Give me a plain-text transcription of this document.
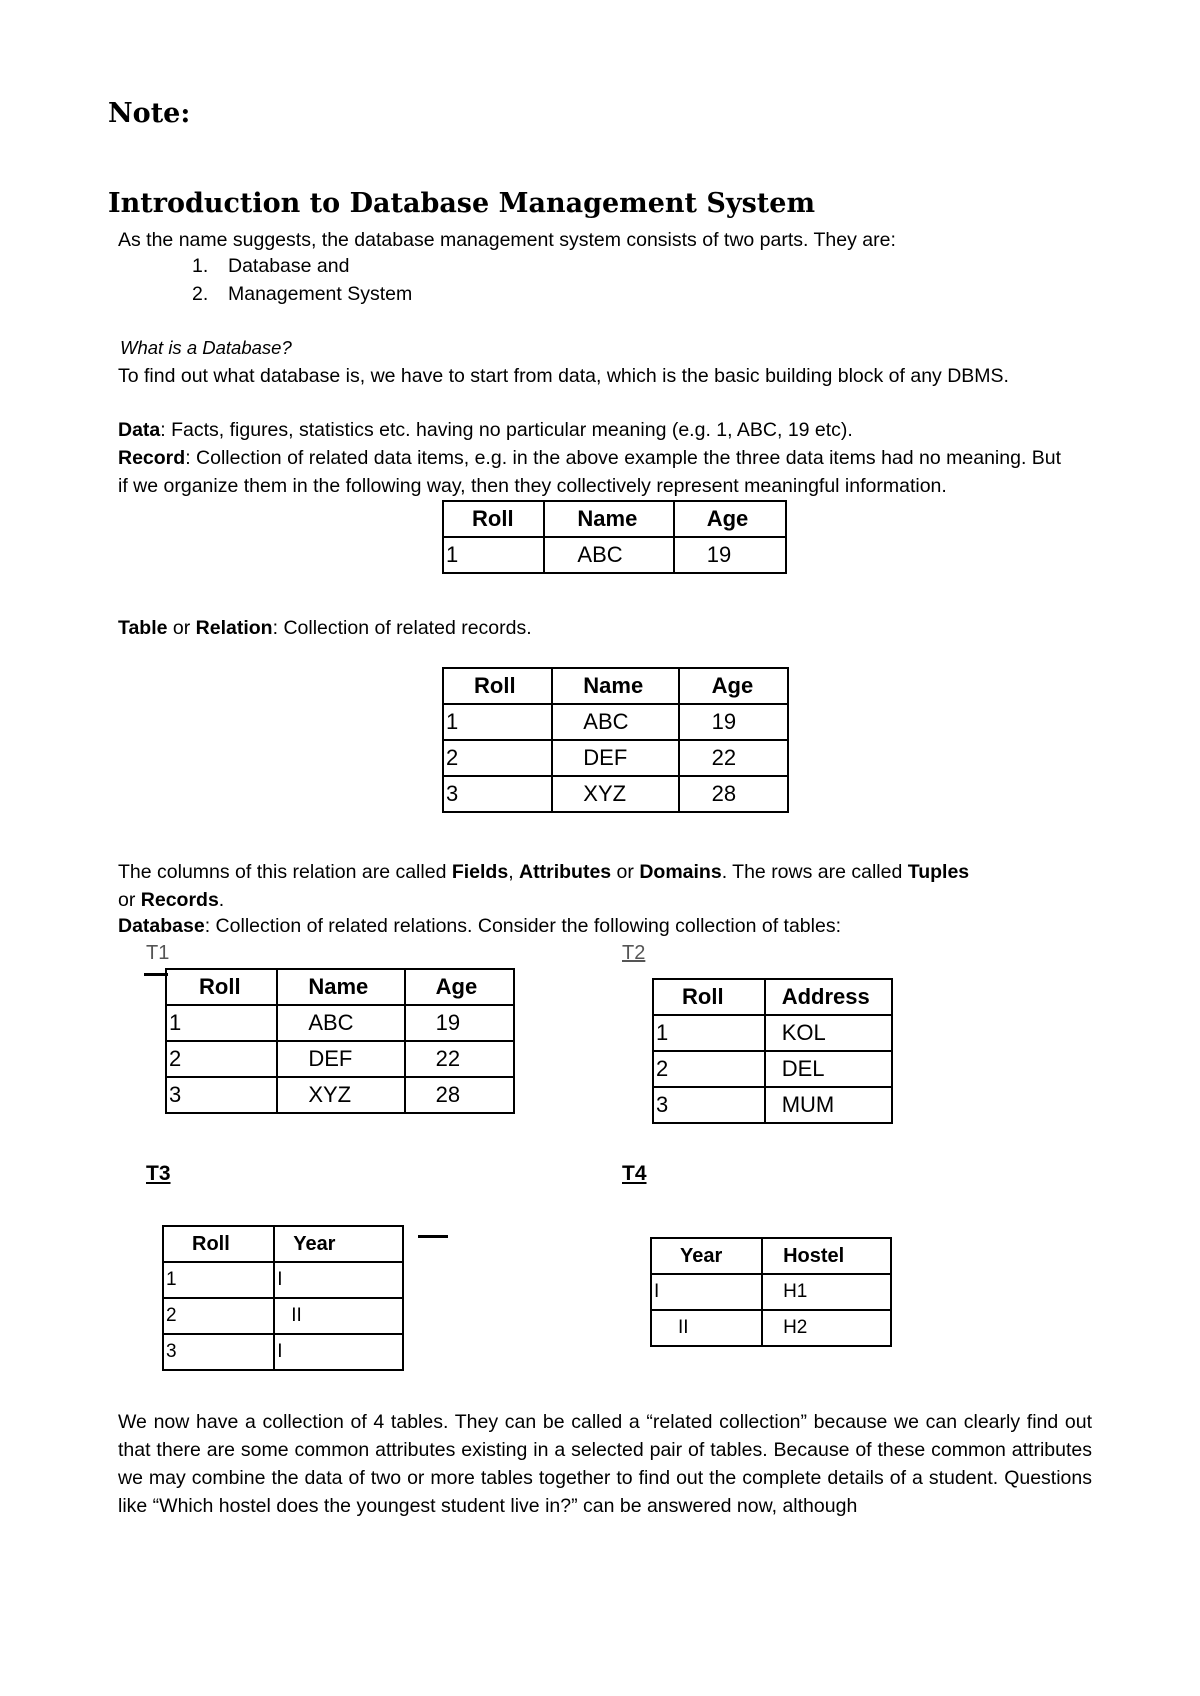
Note:

Introduction to Database Management System

As the name suggests, the database management system consists of two parts. They are:

1. Database and

2. Management System

What is a Database?

To find out what database is, we have to start from data, which is the basic building block of any DBMS.

Data: Facts, figures, statistics etc. having no particular meaning (e.g. 1, ABC, 19 etc).

Record: Collection of related data items, e.g. in the above example the three data items had no meaning. But

if we organize them in the following way, then they collectively represent meaningful information.

Roll	Name	Age
1	ABC	19

Table or Relation: Collection of related records.

Roll	Name	Age
1	ABC	19
2	DEF	22
3	XYZ	28

The columns of this relation are called Fields, Attributes or Domains. The rows are called Tuples

or Records.

Database: Collection of related relations. Consider the following collection of tables:

T1

Roll	Name	Age
1	ABC	19
2	DEF	22
3	XYZ	28

T2

Roll	Address
1	KOL
2	DEL
3	MUM

T3

Roll	Year
1	I
2	II
3	I

T4

Year	Hostel
I	H1
II	H2

We now have a collection of 4 tables. They can be called a “related collection” because we can clearly find out that there are some common attributes existing in a selected pair of tables. Because of these common attributes we may combine the data of two or more tables together to find out the complete details of a student. Questions like “Which hostel does the youngest student live in?” can be answered now, although
